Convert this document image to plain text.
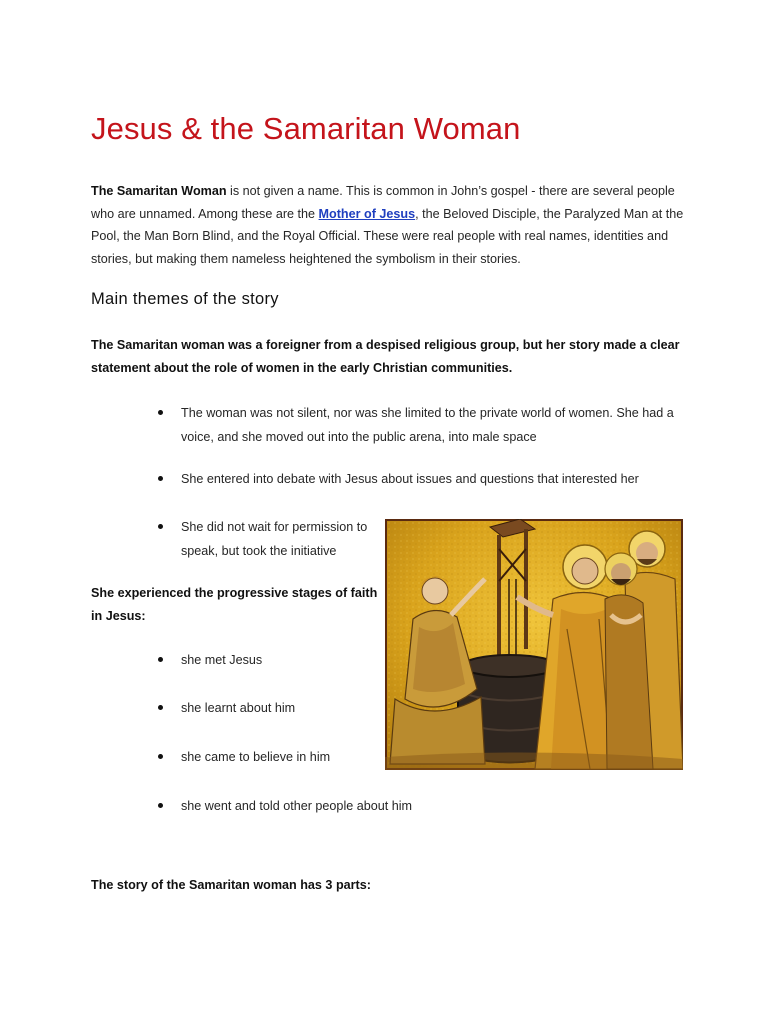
Jesus & the Samaritan Woman

The Samaritan Woman is not given a name. This is common in John’s gospel - there are several people who are unnamed. Among these are the Mother of Jesus, the Beloved Disciple, the Paralyzed Man at the Pool, the Man Born Blind, and the Royal Official. These were real people with real names, identities and stories, but making them nameless heightened the symbolism in their stories.

Main themes of the story

The Samaritan woman was a foreigner from a despised religious group, but her story made a clear statement about the role of women in the early Christian communities.

The woman was not silent, nor was she limited to the private world of women. She had a voice, and she moved out into the public arena, into male space
She entered into debate with Jesus about issues and questions that interested her
She did not wait for permission to speak, but took the initiative

She experienced the progressive stages of faith in Jesus:

she met Jesus
she learnt about him
she came to believe in him
she went and told other people about him

The story of the Samaritan woman has 3 parts:
